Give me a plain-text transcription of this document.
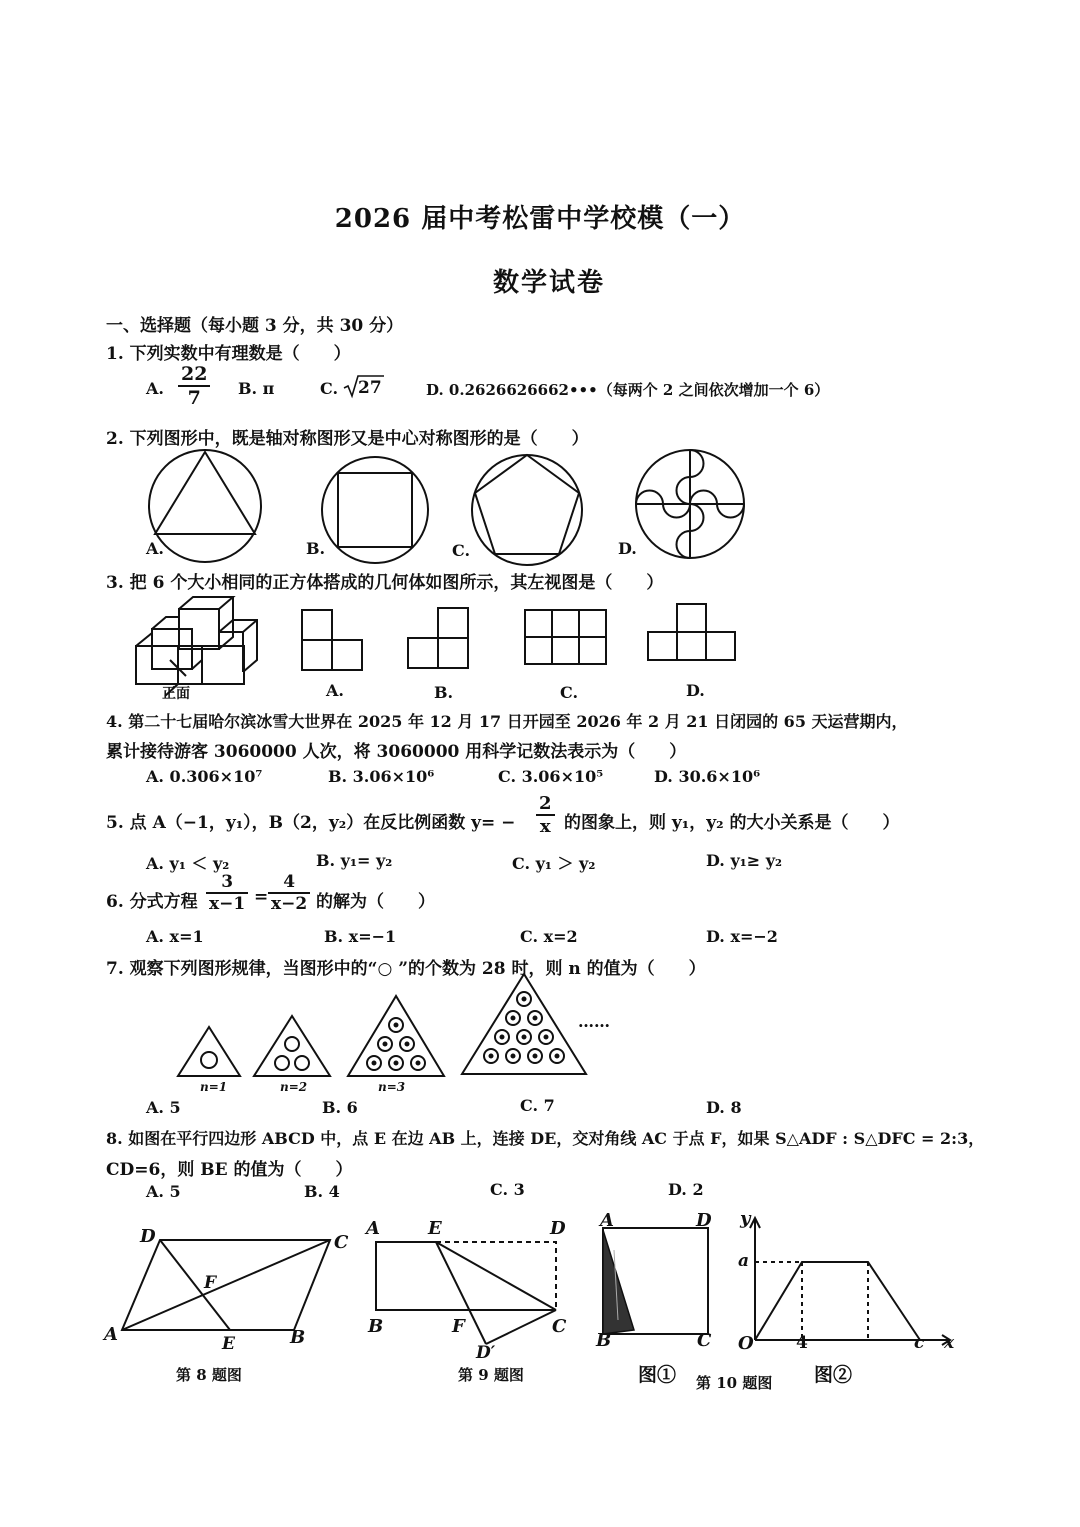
2026 届中考松雷中学校模（一）
数学试卷
一、选择题（每小题 3 分，共 30 分）
1. 下列实数中有理数是（　　）
A. $\frac{22}{7} B$. π	C.	27	D. 0.2626626662•••（每两个 2 之间依次增加一个 6）
2. 下列图形中，既是轴对称图形又是中心对称图形的是（　　）
A.	B.	C.	D.
3. 把 6 个大小相同的正方体搭成的几何体如图所示，其左视图是（　　）
正面	A.	B.	C.	D.
4. 第二十七届哈尔滨冰雪大世界在 2025 年 12 月 17 日开园至 2026 年 2 月 21 日闭园的 65 天运营期内，
累计接待游客 3060000 人次，将 3060000 用科学记数法表示为（　　）
A. 0.306×10⁷	B. 3.06×10⁶	C. 3.06×10⁵	D. 30.6×10⁶
5. 点 A（−1，y₁），B（2，y₂）在反比例函数 $y= - \frac{2}{x}$ 的图象上，则 y₁，y₂ 的大小关系是（　　）
A. y₁ ＜ y₂	B. y₁= y₂	C. y₁ ＞ y₂	D. y₁≥ y₂
6. 分式方程 $\frac{3}{x-1} = \frac{4}{x-2}$ 的解为（　　）
A. x=1	B. x=−1	C. x=2	D. x=−2
7. 观察下列图形规律，当图形中的“○ ”的个数为 28 时，则 n 的值为（　　）
n=1	n=2	n=3
……
A. 5	B. 6	C. 7	D. 8
8. 如图在平行四边形 ABCD 中，点 E 在边 AB 上，连接 DE，交对角线 AC 于点 F，如果 S△ADF : S△DFC = 2:3，
CD=6，则 BE 的值为（　　）
A. 5	B. 4	C. 3	D. 2
D	C
F
A	E	B
第 8 题图
A	E	D
B	F	C
D′
第 9 题图
A	D
B	C
图① 第 10 题图
y
a
O 4	c x
图②
